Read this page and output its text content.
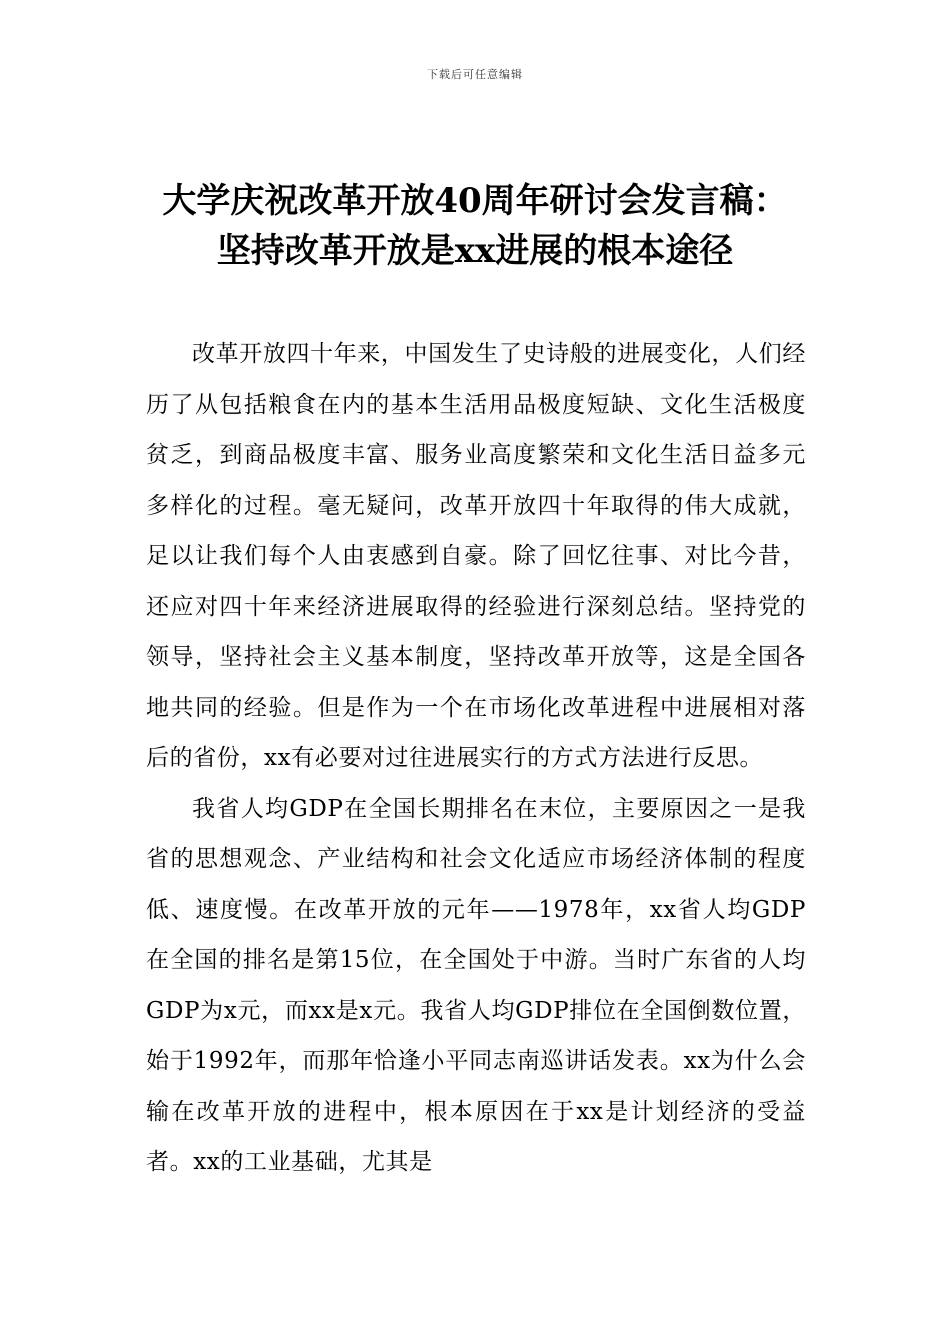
下载后可任意编辑
大学庆祝改革开放40周年研讨会发言稿：
坚持改革开放是xx进展的根本途径

改革开放四十年来，中国发生了史诗般的进展变化，人们经历了从包括粮食在内的基本生活用品极度短缺、文化生活极度贫乏，到商品极度丰富、服务业高度繁荣和文化生活日益多元多样化的过程。毫无疑问，改革开放四十年取得的伟大成就，足以让我们每个人由衷感到自豪。除了回忆往事、对比今昔，还应对四十年来经济进展取得的经验进行深刻总结。坚持党的领导，坚持社会主义基本制度，坚持改革开放等，这是全国各地共同的经验。但是作为一个在市场化改革进程中进展相对落后的省份，xx有必要对过往进展实行的方式方法进行反思。

我省人均GDP在全国长期排名在末位，主要原因之一是我省的思想观念、产业结构和社会文化适应市场经济体制的程度低、速度慢。在改革开放的元年——1978年，xx省人均GDP在全国的排名是第15位，在全国处于中游。当时广东省的人均GDP为x元，而xx是x元。我省人均GDP排位在全国倒数位置，始于1992年，而那年恰逢小平同志南巡讲话发表。xx为什么会输在改革开放的进程中，根本原因在于xx是计划经济的受益者。xx的工业基础，尤其是
